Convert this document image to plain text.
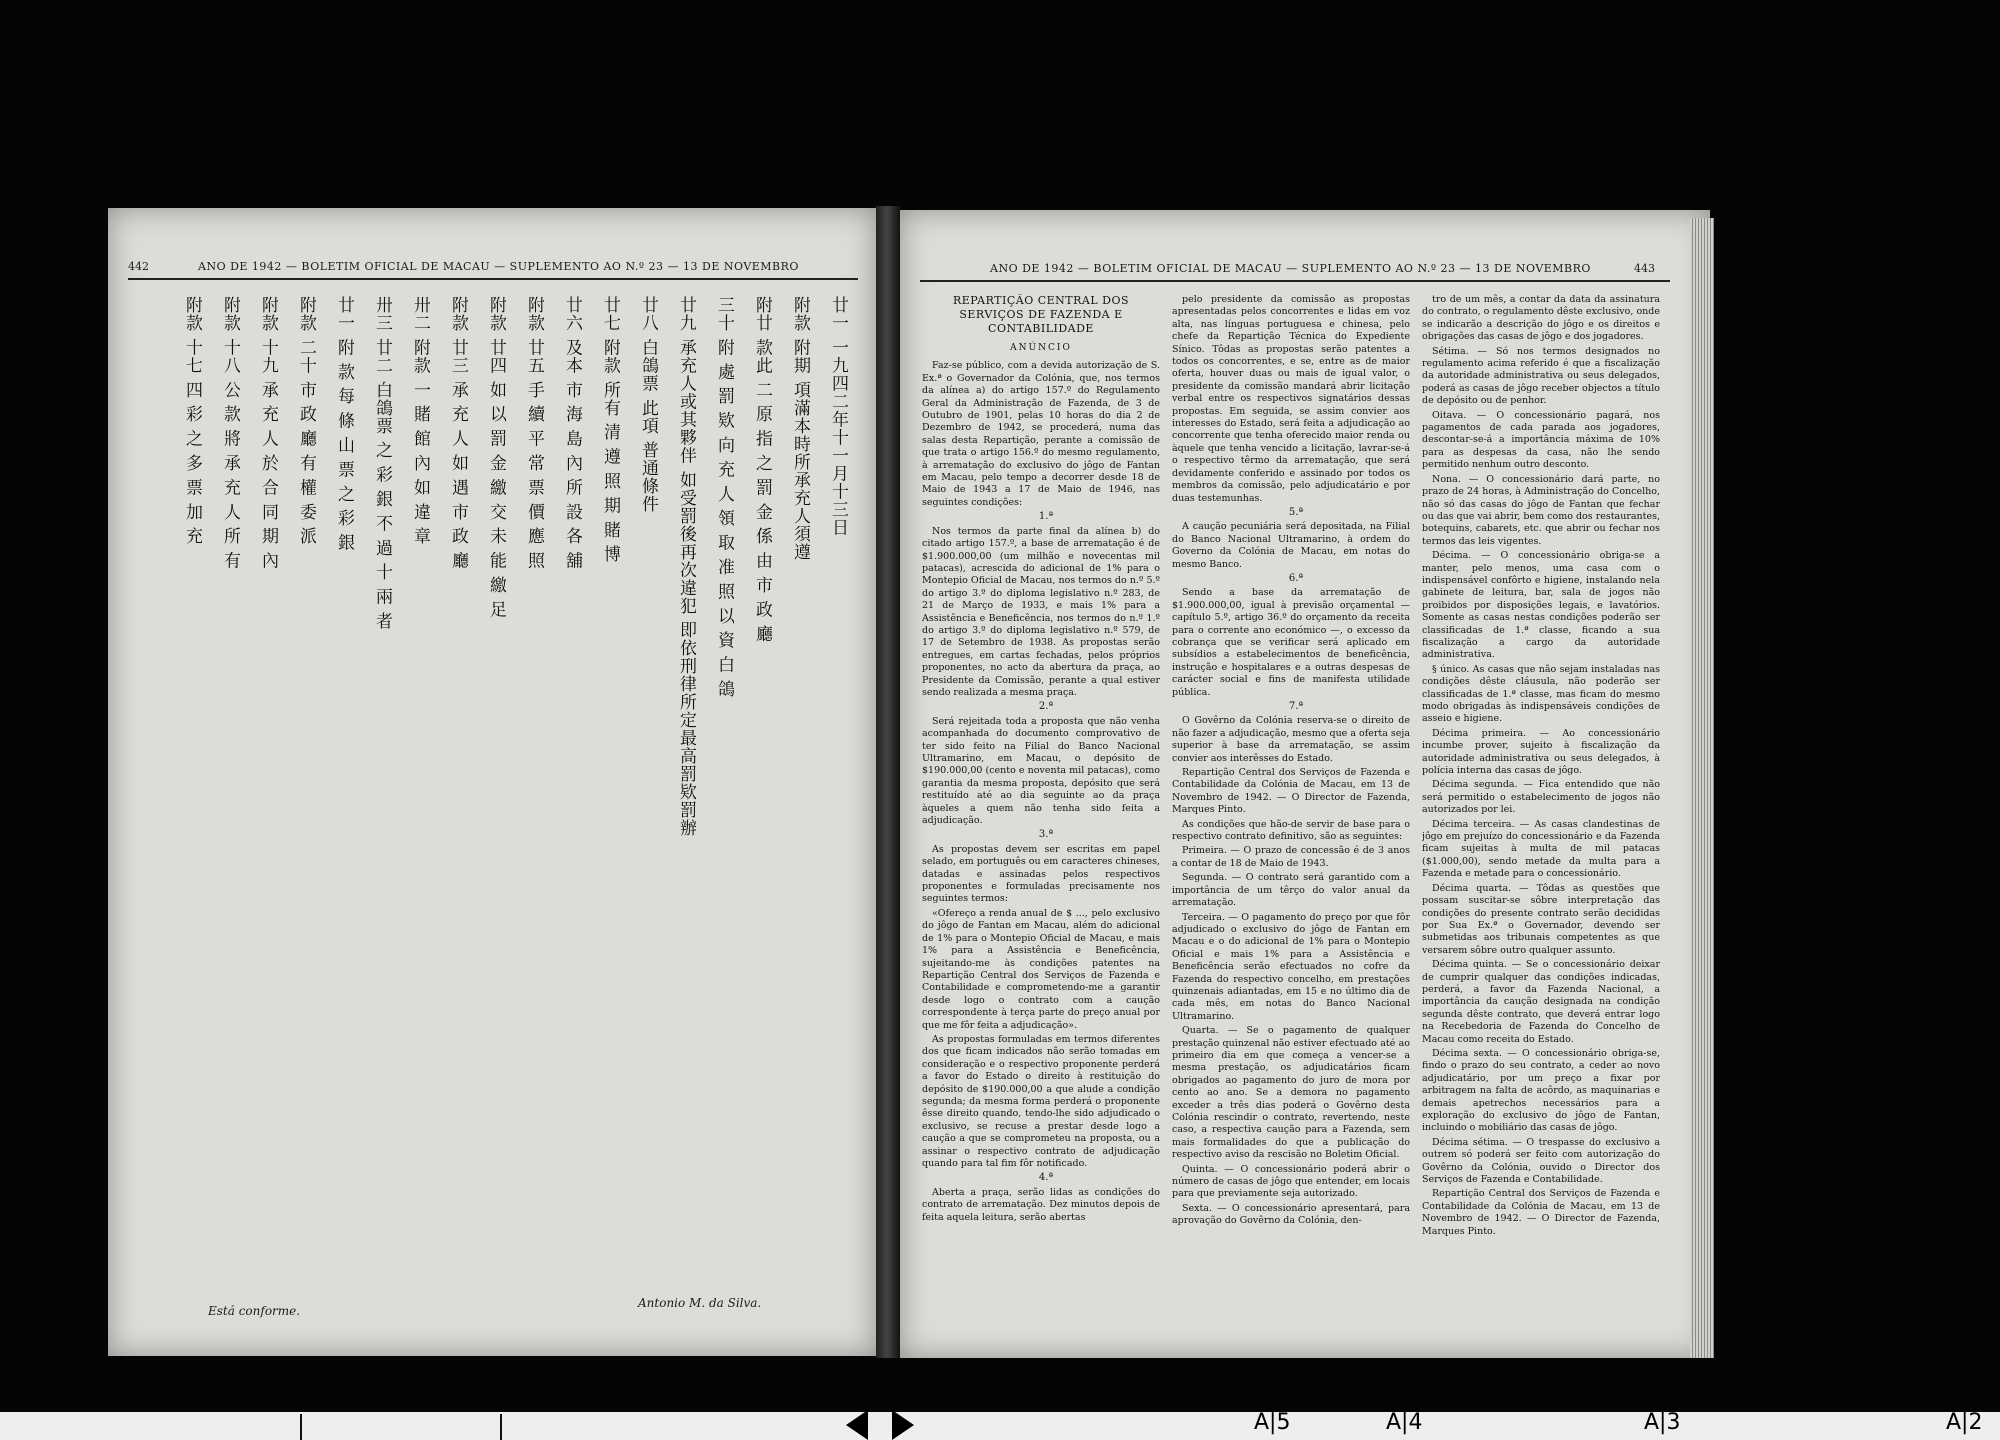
442	ANO DE 1942 — BOLETIM OFICIAL DE MACAU — SUPLEMENTO AO N.º 23 — 13 DE NOVEMBRO
廿一 一九四二年十一月十三日
附款 附期 項滿本時所承充人須遵
附廿 款此 二 原 指 之 罰 金 係 由 市 政 廳
三十 附 處 罰 欵 向 充 人 領 取 准 照 以 資 白 鴿
廿九 承充人或其夥伴 如受罰後再次違犯 即依刑律所定最高罰欵罰辦
廿八 白鴿票 此項 普通條件
廿七 附款 所有 清 遵 照 期 賭 博
廿六 及本 市 海 島 內 所 設 各 舖
附款 廿五 手 續 平 常 票 價 應 照
附款 廿四 如 以 罰 金 繳 交 未 能 繳 足
附款 廿三 承 充 人 如 遇 市 政 廳
卅二 附款 一 賭 館 內 如 違 章
卅三 廿二 白鴿票 之 彩 銀 不 過 十 兩 者
廿一 附 款 每 條 山 票 之 彩 銀
附款 二十 市 政 廳 有 權 委 派
附款 十九 承 充 人 於 合 同 期 內
附款 十八 公 款 將 承 充 人 所 有
附款 十七 四 彩 之 多 票 加 充
Antonio M. da Silva.
Está conforme.
ANO DE 1942 — BOLETIM OFICIAL DE MACAU — SUPLEMENTO AO N.º 23 — 13 DE NOVEMBRO	443
REPARTIÇÃO CENTRAL DOS SERVIÇOS DE FAZENDA E CONTABILIDADE
ANÚNCIO

Faz-se público, com a devida autorização de S. Ex.ª o Governador da Colónia, que, nos termos da alínea a) do artigo 157.º do Regulamento Geral da Administração de Fazenda, de 3 de Outubro de 1901, pelas 10 horas do dia 2 de Dezembro de 1942, se procederá, numa das salas desta Repartição, perante a comissão de que trata o artigo 156.º do mesmo regulamento, à arrematação do exclusivo do jôgo de Fantan em Macau, pelo tempo a decorrer desde 18 de Maio de 1943 a 17 de Maio de 1946, nas seguintes condições:

1.ª

Nos termos da parte final da alínea b) do citado artigo 157.º, a base de arrematação é de $1.900.000,00 (um milhão e novecentas mil patacas), acrescida do adicional de 1% para o Montepio Oficial de Macau, nos termos do n.º 5.º do artigo 3.º do diploma legislativo n.º 283, de 21 de Março de 1933, e mais 1% para a Assistência e Beneficência, nos termos do n.º 1.º do artigo 3.º do diploma legislativo n.º 579, de 17 de Setembro de 1938. As propostas serão entregues, em cartas fechadas, pelos próprios proponentes, no acto da abertura da praça, ao Presidente da Comissão, perante a qual estiver sendo realizada a mesma praça.

2.ª

Será rejeitada toda a proposta que não venha acompanhada do documento comprovativo de ter sido feito na Filial do Banco Nacional Ultramarino, em Macau, o depósito de $190.000,00 (cento e noventa mil patacas), como garantia da mesma proposta, depósito que será restituído até ao dia seguinte ao da praça àqueles a quem não tenha sido feita a adjudicação.

3.ª

As propostas devem ser escritas em papel selado, em português ou em caracteres chineses, datadas e assinadas pelos respectivos proponentes e formuladas precisamente nos seguintes termos:

«Ofereço a renda anual de $ ..., pelo exclusivo do jôgo de Fantan em Macau, além do adicional de 1% para o Montepio Oficial de Macau, e mais 1% para a Assistência e Beneficência, sujeitando-me às condições patentes na Repartição Central dos Serviços de Fazenda e Contabilidade e comprometendo-me a garantir desde logo o contrato com a caução correspondente à terça parte do preço anual por que me fôr feita a adjudicação».

As propostas formuladas em termos diferentes dos que ficam indicados não serão tomadas em consideração e o respectivo proponente perderá a favor do Estado o direito à restituição do depósito de $190.000,00 a que alude a condição segunda; da mesma forma perderá o proponente êsse direito quando, tendo-lhe sido adjudicado o exclusivo, se recuse a prestar desde logo a caução a que se comprometeu na proposta, ou a assinar o respectivo contrato de adjudicação quando para tal fim fôr notificado.

4.ª

Aberta a praça, serão lidas as condições do contrato de arrematação. Dez minutos depois de feita aquela leitura, serão abertas

pelo presidente da comissão as propostas apresentadas pelos concorrentes e lidas em voz alta, nas línguas portuguesa e chinesa, pelo chefe da Repartição Técnica do Expediente Sínico. Tôdas as propostas serão patentes a todos os concorrentes, e se, entre as de maior oferta, houver duas ou mais de igual valor, o presidente da comissão mandará abrir licitação verbal entre os respectivos signatários dessas propostas. Em seguida, se assim convier aos interesses do Estado, será feita a adjudicação ao concorrente que tenha oferecido maior renda ou àquele que tenha vencido a licitação, lavrar-se-á o respectivo têrmo da arrematação, que será devidamente conferido e assinado por todos os membros da comissão, pelo adjudicatário e por duas testemunhas.

5.ª

A caução pecuniária será depositada, na Filial do Banco Nacional Ultramarino, à ordem do Governo da Colónia de Macau, em notas do mesmo Banco.

6.ª

Sendo a base da arrematação de $1.900.000,00, igual à previsão orçamental — capítulo 5.º, artigo 36.º do orçamento da receita para o corrente ano económico —, o excesso da cobrança que se verificar será aplicado em subsídios a estabelecimentos de beneficência, instrução e hospitalares e a outras despesas de carácter social e fins de manifesta utilidade pública.

7.ª

O Govêrno da Colónia reserva-se o direito de não fazer a adjudicação, mesmo que a oferta seja superior à base da arrematação, se assim convier aos interêsses do Estado.

Repartição Central dos Serviços de Fazenda e Contabilidade da Colónia de Macau, em 13 de Novembro de 1942. — O Director de Fazenda, Marques Pinto.

As condições que hão-de servir de base para o respectivo contrato definitivo, são as seguintes:

Primeira. — O prazo de concessão é de 3 anos a contar de 18 de Maio de 1943.

Segunda. — O contrato será garantido com a importância de um têrço do valor anual da arrematação.

Terceira. — O pagamento do preço por que fôr adjudicado o exclusivo do jôgo de Fantan em Macau e o do adicional de 1% para o Montepio Oficial e mais 1% para a Assistência e Beneficência serão efectuados no cofre da Fazenda do respectivo concelho, em prestações quinzenais adiantadas, em 15 e no último dia de cada mês, em notas do Banco Nacional Ultramarino.

Quarta. — Se o pagamento de qualquer prestação quinzenal não estiver efectuado até ao primeiro dia em que começa a vencer-se a mesma prestação, os adjudicatários ficam obrigados ao pagamento do juro de mora por cento ao ano. Se a demora no pagamento exceder a três dias poderá o Govêrno desta Colónia rescindir o contrato, revertendo, neste caso, a respectiva caução para a Fazenda, sem mais formalidades do que a publicação do respectivo aviso da rescisão no Boletim Oficial.

Quinta. — O concessionário poderá abrir o número de casas de jôgo que entender, em locais para que previamente seja autorizado.

Sexta. — O concessionário apresentará, para aprovação do Govêrno da Colónia, den-

tro de um mês, a contar da data da assinatura do contrato, o regulamento dêste exclusivo, onde se indicarão a descrição do jôgo e os direitos e obrigações das casas de jôgo e dos jogadores.

Sétima. — Só nos termos designados no regulamento acima referido é que a fiscalização da autoridade administrativa ou seus delegados, poderá as casas de jôgo receber objectos a título de depósito ou de penhor.

Oitava. — O concessionário pagará, nos pagamentos de cada parada aos jogadores, descontar-se-á a importância máxima de 10% para as despesas da casa, não lhe sendo permitido nenhum outro desconto.

Nona. — O concessionário dará parte, no prazo de 24 horas, à Administração do Concelho, não só das casas do jôgo de Fantan que fechar ou das que vai abrir, bem como dos restaurantes, botequins, cabarets, etc. que abrir ou fechar nos termos das leis vigentes.

Décima. — O concessionário obriga-se a manter, pelo menos, uma casa com o indispensável confôrto e higiene, instalando nela gabinete de leitura, bar, sala de jogos não proibidos por disposições legais, e lavatórios. Somente as casas nestas condições poderão ser classificadas de 1.ª classe, ficando a sua fiscalização a cargo da autoridade administrativa.

§ único. As casas que não sejam instaladas nas condições dêste cláusula, não poderão ser classificadas de 1.ª classe, mas ficam do mesmo modo obrigadas às indispensáveis condições de asseio e higiene.

Décima primeira. — Ao concessionário incumbe prover, sujeito à fiscalização da autoridade administrativa ou seus delegados, à polícia interna das casas de jôgo.

Décima segunda. — Fica entendido que não será permitido o estabelecimento de jogos não autorizados por lei.

Décima terceira. — As casas clandestinas de jôgo em prejuízo do concessionário e da Fazenda ficam sujeitas à multa de mil patacas ($1.000,00), sendo metade da multa para a Fazenda e metade para o concessionário.

Décima quarta. — Tôdas as questões que possam suscitar-se sôbre interpretação das condições do presente contrato serão decididas por Sua Ex.ª o Governador, devendo ser submetidas aos tribunais competentes as que versarem sôbre outro qualquer assunto.

Décima quinta. — Se o concessionário deixar de cumprir qualquer das condições indicadas, perderá, a favor da Fazenda Nacional, a importância da caução designada na condição segunda dêste contrato, que deverá entrar logo na Recebedoria de Fazenda do Concelho de Macau como receita do Estado.

Décima sexta. — O concessionário obriga-se, findo o prazo do seu contrato, a ceder ao novo adjudicatário, por um preço a fixar por arbitragem na falta de acôrdo, as maquinarias e demais apetrechos necessários para a exploração do exclusivo do jôgo de Fantan, incluindo o mobiliário das casas de jôgo.

Décima sétima. — O trespasse do exclusivo a outrem só poderá ser feito com autorização do Govêrno da Colónia, ouvido o Director dos Serviços de Fazenda e Contabilidade.

Repartição Central dos Serviços de Fazenda e Contabilidade da Colónia de Macau, em 13 de Novembro de 1942. — O Director de Fazenda, Marques Pinto.

A|5	A|4	A|3	A|2
